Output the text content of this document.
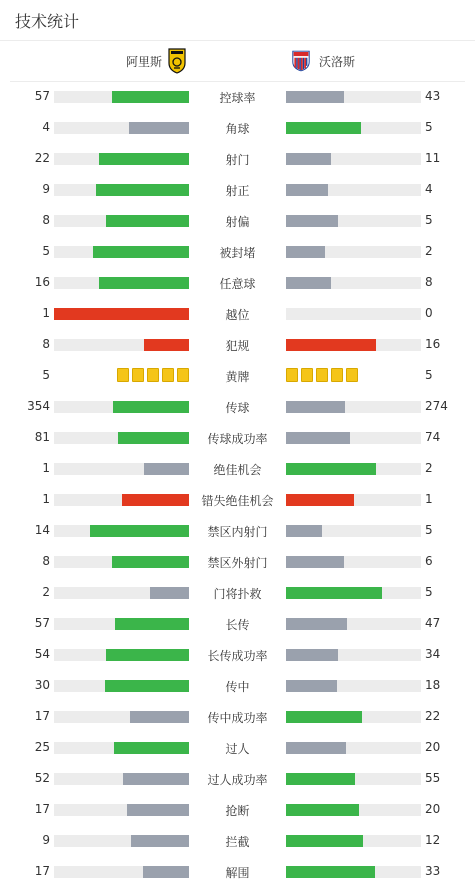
技术统计
阿里斯	沃洛斯
57	控球率	43
4	角球	5
22	射门	11
9	射正	4
8	射偏	5
5	被封堵	2
16	任意球	8
1	越位	0
8	犯规	16
5	黄牌	5
354	传球	274
81	传球成功率	74
1	绝佳机会	2
1	错失绝佳机会	1
14	禁区内射门	5
8	禁区外射门	6
2	门将扑救	5
57	长传	47
54	长传成功率	34
30	传中	18
17	传中成功率	22
25	过人	20
52	过人成功率	55
17	抢断	20
9	拦截	12
17	解围	33
